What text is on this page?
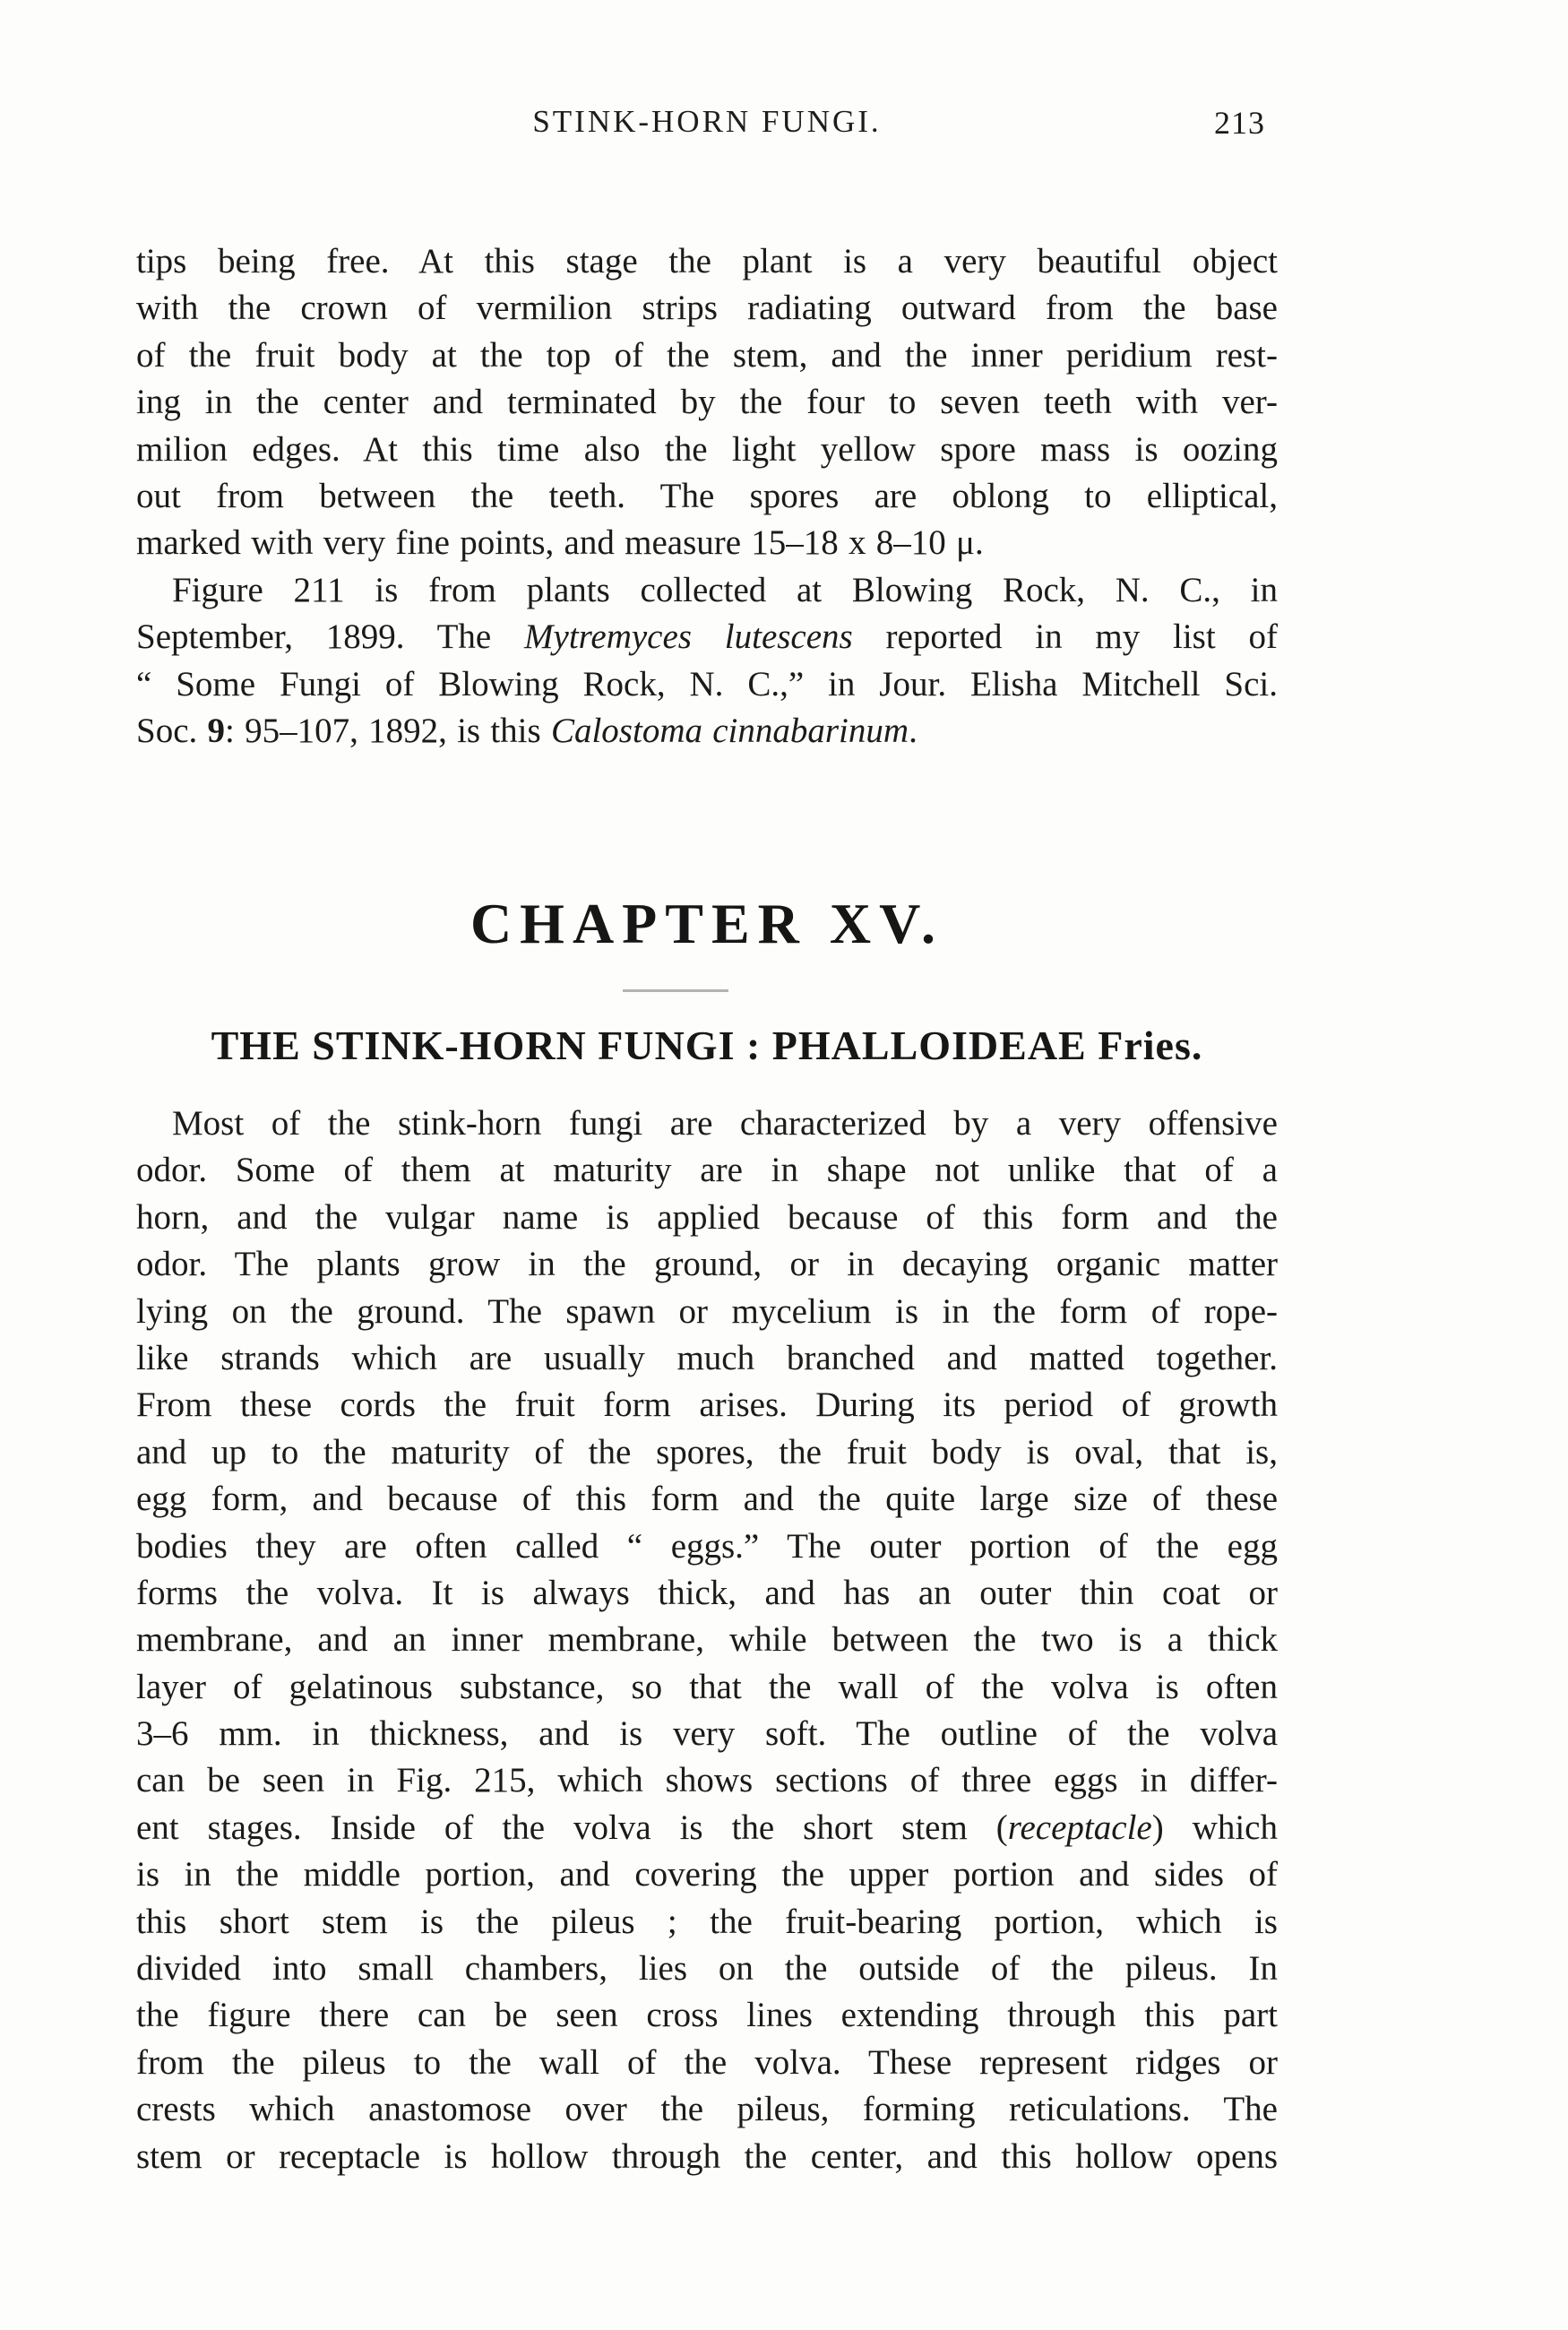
STINK-HORN FUNGI.	213
tips being free. At this stage the plant is a very beautiful object
with the crown of vermilion strips radiating outward from the base
of the fruit body at the top of the stem, and the inner peridium rest-
ing in the center and terminated by the four to seven teeth with ver-
milion edges. At this time also the light yellow spore mass is oozing
out from between the teeth. The spores are oblong to elliptical,
marked with very fine points, and measure 15–18 x 8–10 μ.
Figure 211 is from plants collected at Blowing Rock, N. C., in
September, 1899. The Mytremyces lutescens reported in my list of
“ Some Fungi of Blowing Rock, N. C.,” in Jour. Elisha Mitchell Sci.
Soc. 9: 95–107, 1892, is this Calostoma cinnabarinum.
CHAPTER XV.
THE STINK-HORN FUNGI : PHALLOIDEAE Fries.
Most of the stink-horn fungi are characterized by a very offensive
odor. Some of them at maturity are in shape not unlike that of a
horn, and the vulgar name is applied because of this form and the
odor. The plants grow in the ground, or in decaying organic matter
lying on the ground. The spawn or mycelium is in the form of rope-
like strands which are usually much branched and matted together.
From these cords the fruit form arises. During its period of growth
and up to the maturity of the spores, the fruit body is oval, that is,
egg form, and because of this form and the quite large size of these
bodies they are often called “ eggs.” The outer portion of the egg
forms the volva. It is always thick, and has an outer thin coat or
membrane, and an inner membrane, while between the two is a thick
layer of gelatinous substance, so that the wall of the volva is often
3–6 mm. in thickness, and is very soft. The outline of the volva
can be seen in Fig. 215, which shows sections of three eggs in differ-
ent stages. Inside of the volva is the short stem (receptacle) which
is in the middle portion, and covering the upper portion and sides of
this short stem is the pileus ; the fruit-bearing portion, which is
divided into small chambers, lies on the outside of the pileus. In
the figure there can be seen cross lines extending through this part
from the pileus to the wall of the volva. These represent ridges or
crests which anastomose over the pileus, forming reticulations. The
stem or receptacle is hollow through the center, and this hollow opens
